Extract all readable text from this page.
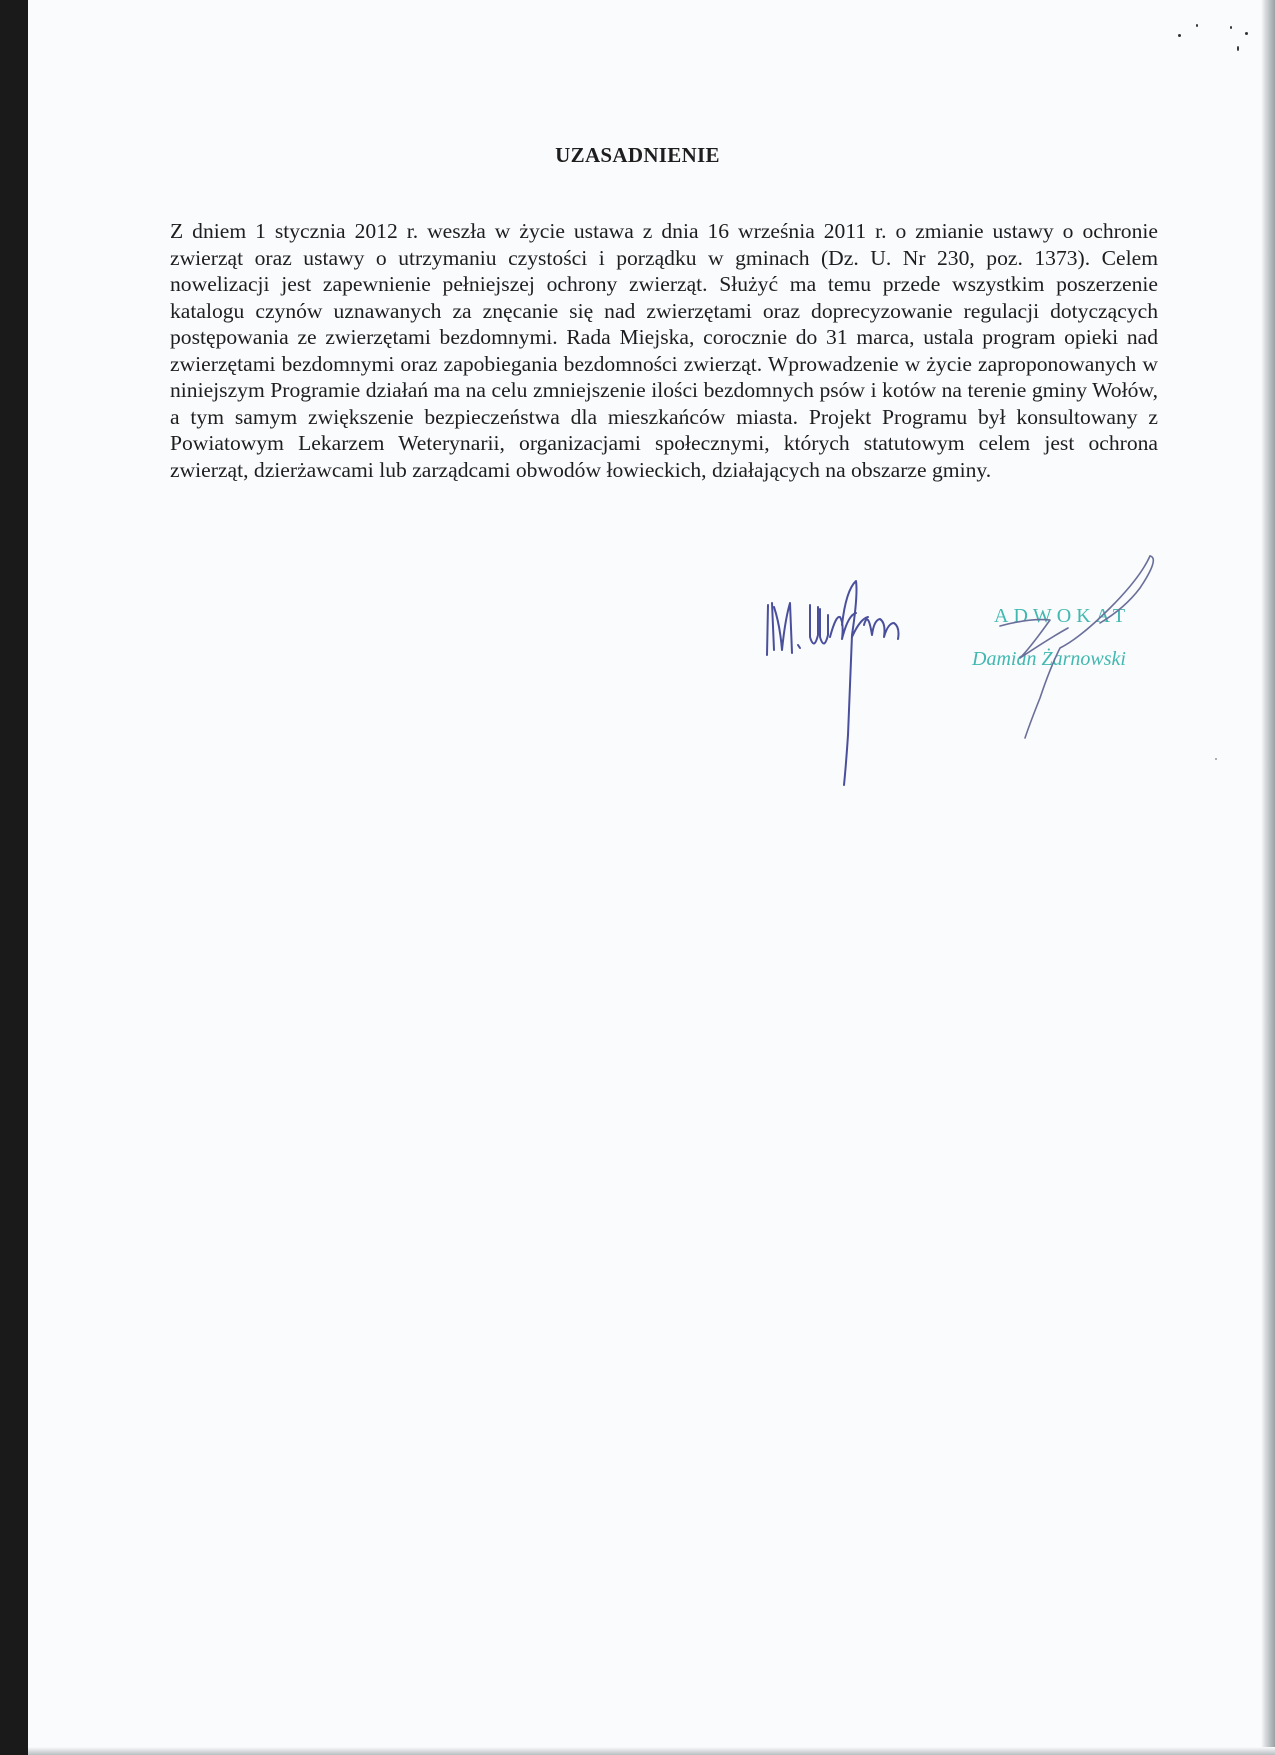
UZASADNIENIE

Z dniem 1 stycznia 2012 r. weszła w życie ustawa z dnia 16 września 2011 r. o zmianie ustawy o ochronie zwierząt oraz ustawy o utrzymaniu czystości i porządku w gminach (Dz. U. Nr 230, poz. 1373). Celem nowelizacji jest zapewnienie pełniejszej ochrony zwierząt. Służyć ma temu przede wszystkim poszerzenie katalogu czynów uznawanych za znęcanie się nad zwierzętami oraz doprecyzowanie regulacji dotyczących postępowania ze zwierzętami bezdomnymi. Rada Miejska, corocznie do 31 marca, ustala program opieki nad zwierzętami bezdomnymi oraz zapobiegania bezdomności zwierząt. Wprowadzenie w życie zaproponowanych w niniejszym Programie działań ma na celu zmniejszenie ilości bezdomnych psów i kotów na terenie gminy Wołów, a tym samym zwiększenie bezpieczeństwa dla mieszkańców miasta. Projekt Programu był konsultowany z Powiatowym Lekarzem Weterynarii, organizacjami społecznymi, których statutowym celem jest ochrona zwierząt, dzierżawcami lub zarządcami obwodów łowieckich, działających na obszarze gminy.

ADWOKAT
Damian Żarnowski
